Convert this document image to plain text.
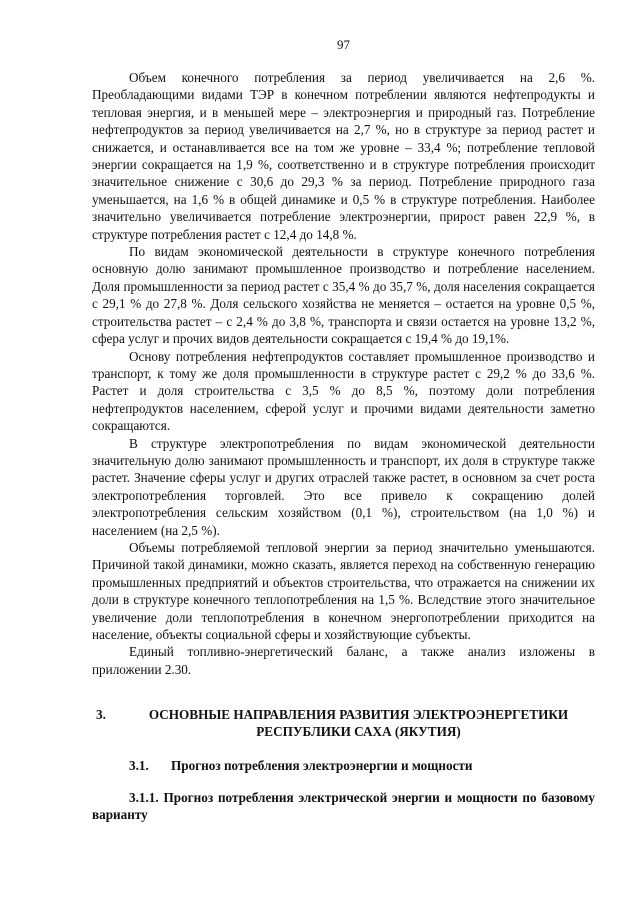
97

Объем конечного потребления за период увеличивается на 2,6 %. Преобладающими видами ТЭР в конечном потреблении являются нефтепродукты и тепловая энергия, и в меньшей мере – электроэнергия и природный газ. Потребление нефтепродуктов за период увеличивается на 2,7 %, но в структуре за период растет и снижается, и останавливается все на том же уровне – 33,4 %; потребление тепловой энергии сокращается на 1,9 %, соответственно и в структуре потребления происходит значительное снижение с 30,6 до 29,3 % за период. Потребление природного газа уменьшается, на 1,6 % в общей динамике и 0,5 % в структуре потребления. Наиболее значительно увеличивается потребление электроэнергии, прирост равен 22,9 %, в структуре потребления растет с 12,4 до 14,8 %.

По видам экономической деятельности в структуре конечного потребления основную долю занимают промышленное производство и потребление населением. Доля промышленности за период растет с 35,4 % до 35,7 %, доля населения сокращается с 29,1 % до 27,8 %. Доля сельского хозяйства не меняется – остается на уровне 0,5 %, строительства растет – с 2,4 % до 3,8 %, транспорта и связи остается на уровне 13,2 %, сфера услуг и прочих видов деятельности сокращается с 19,4 % до 19,1%.

Основу потребления нефтепродуктов составляет промышленное производство и транспорт, к тому же доля промышленности в структуре растет с 29,2 % до 33,6 %. Растет и доля строительства с 3,5 % до 8,5 %, поэтому доли потребления нефтепродуктов населением, сферой услуг и прочими видами деятельности заметно сокращаются.

В структуре электропотребления по видам экономической деятельности значительную долю занимают промышленность и транспорт, их доля в структуре также растет. Значение сферы услуг и других отраслей также растет, в основном за счет роста электропотребления торговлей. Это все привело к сокращению долей электропотребления сельским хозяйством (0,1 %), строительством (на 1,0 %) и населением (на 2,5 %).

Объемы потребляемой тепловой энергии за период значительно уменьшаются. Причиной такой динамики, можно сказать, является переход на собственную генерацию промышленных предприятий и объектов строительства, что отражается на снижении их доли в структуре конечного теплопотребления на 1,5 %. Вследствие этого значительное увеличение доли теплопотребления в конечном энергопотреблении приходится на население, объекты социальной сферы и хозяйствующие субъекты.

Единый топливно-энергетический баланс, а также анализ изложены в приложении 2.30.

3.	ОСНОВНЫЕ НАПРАВЛЕНИЯ РАЗВИТИЯ ЭЛЕКТРОЭНЕРГЕТИКИ РЕСПУБЛИКИ САХА (ЯКУТИЯ)
3.1. Прогноз потребления электроэнергии и мощности
3.1.1. Прогноз потребления электрической энергии и мощности по базовому варианту
